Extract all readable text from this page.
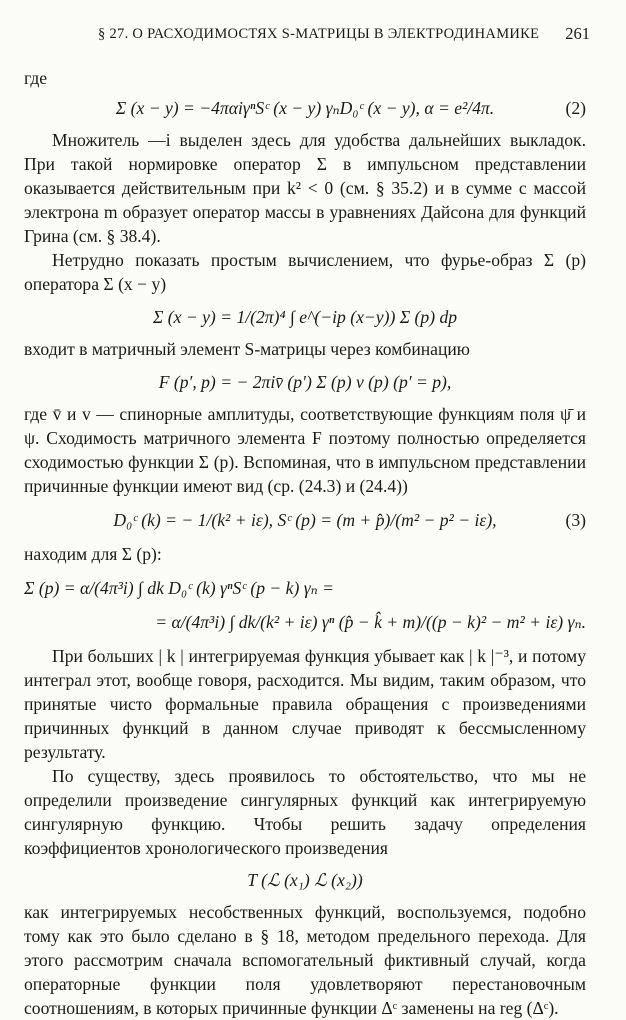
§ 27. О РАСХОДИМОСТЯХ S-МАТРИЦЫ В ЭЛЕКТРОДИНАМИКЕ 261

где

Σ (x − y) = −4παiγⁿSᶜ (x − y) γₙD₀ᶜ (x − y), α = e²/4π.	(2)

Множитель —i выделен здесь для удобства дальнейших выкладок. При такой нормировке оператор Σ в импульсном представлении оказывается действительным при k² < 0 (см. § 35.2) и в сумме с массой электрона m образует оператор массы в уравнениях Дайсона для функций Грина (см. § 38.4).

Нетрудно показать простым вычислением, что фурье-образ Σ (p) оператора Σ (x − y)

Σ (x − y) = 1/(2π)⁴ ∫ e^(−ip (x−y)) Σ (p) dp

входит в матричный элемент S-матрицы через комбинацию

F (p′, p) = − 2πiv̄ (p′) Σ (p) v (p) (p′ = p),

где v̄ и v — спинорные амплитуды, соответствующие функциям поля ψ̄ и ψ. Сходимость матричного элемента F поэтому полностью определяется сходимостью функции Σ (p). Вспоминая, что в импульсном представлении причинные функции имеют вид (ср. (24.3) и (24.4))

D₀ᶜ (k) = − 1/(k² + iε), Sᶜ (p) = (m + p̂)/(m² − p² − iε),	(3)

находим для Σ (p):

Σ (p) = α/(4π³i) ∫ dk D₀ᶜ (k) γⁿSᶜ (p − k) γₙ =
= α/(4π³i) ∫ dk/(k² + iε) γⁿ (p̂ − k̂ + m)/((p − k)² − m² + iε) γₙ.

При больших | k | интегрируемая функция убывает как | k |⁻³, и потому интеграл этот, вообще говоря, расходится. Мы видим, таким образом, что принятые чисто формальные правила обращения с произведениями причинных функций в данном случае приводят к бессмысленному результату.

По существу, здесь проявилось то обстоятельство, что мы не определили произведение сингулярных функций как интегрируемую сингулярную функцию. Чтобы решить задачу определения коэффициентов хронологического произведения

T (ℒ (x₁) ℒ (x₂))

как интегрируемых несобственных функций, воспользуемся, подобно тому как это было сделано в § 18, методом предельного перехода. Для этого рассмотрим сначала вспомогательный фиктивный случай, когда операторные функции поля удовлетворяют перестановочным соотношениям, в которых причинные функции Δᶜ заменены на reg (Δᶜ).
